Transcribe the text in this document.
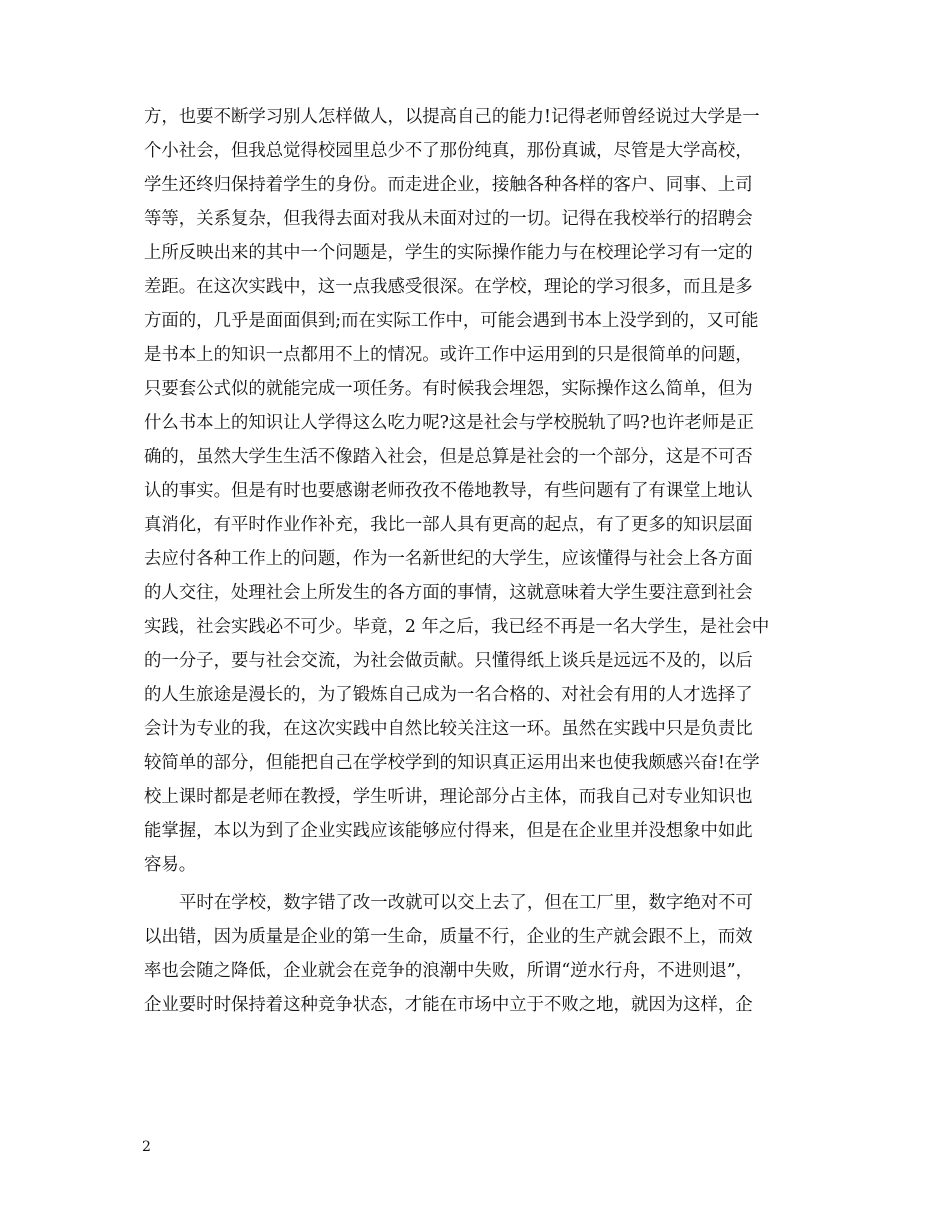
方，也要不断学习别人怎样做人，以提高自己的能力!记得老师曾经说过大学是一
个小社会，但我总觉得校园里总少不了那份纯真，那份真诚，尽管是大学高校，
学生还终归保持着学生的身份。而走进企业，接触各种各样的客户、同事、上司
等等，关系复杂，但我得去面对我从未面对过的一切。记得在我校举行的招聘会
上所反映出来的其中一个问题是，学生的实际操作能力与在校理论学习有一定的
差距。在这次实践中，这一点我感受很深。在学校，理论的学习很多，而且是多
方面的，几乎是面面俱到;而在实际工作中，可能会遇到书本上没学到的，又可能
是书本上的知识一点都用不上的情况。或许工作中运用到的只是很简单的问题，
只要套公式似的就能完成一项任务。有时候我会埋怨，实际操作这么简单，但为
什么书本上的知识让人学得这么吃力呢?这是社会与学校脱轨了吗?也许老师是正
确的，虽然大学生生活不像踏入社会，但是总算是社会的一个部分，这是不可否
认的事实。但是有时也要感谢老师孜孜不倦地教导，有些问题有了有课堂上地认
真消化，有平时作业作补充，我比一部人具有更高的起点，有了更多的知识层面
去应付各种工作上的问题，作为一名新世纪的大学生，应该懂得与社会上各方面
的人交往，处理社会上所发生的各方面的事情，这就意味着大学生要注意到社会
实践，社会实践必不可少。毕竟，2 年之后，我已经不再是一名大学生，是社会中
的一分子，要与社会交流，为社会做贡献。只懂得纸上谈兵是远远不及的，以后
的人生旅途是漫长的，为了锻炼自己成为一名合格的、对社会有用的人才选择了
会计为专业的我，在这次实践中自然比较关注这一环。虽然在实践中只是负责比
较简单的部分，但能把自己在学校学到的知识真正运用出来也使我颇感兴奋!在学
校上课时都是老师在教授，学生听讲，理论部分占主体，而我自己对专业知识也
能掌握，本以为到了企业实践应该能够应付得来，但是在企业里并没想象中如此
容易。
平时在学校，数字错了改一改就可以交上去了，但在工厂里，数字绝对不可
以出错，因为质量是企业的第一生命，质量不行，企业的生产就会跟不上，而效
率也会随之降低，企业就会在竞争的浪潮中失败，所谓“逆水行舟，不进则退”，
企业要时时保持着这种竞争状态，才能在市场中立于不败之地，就因为这样，企
2
